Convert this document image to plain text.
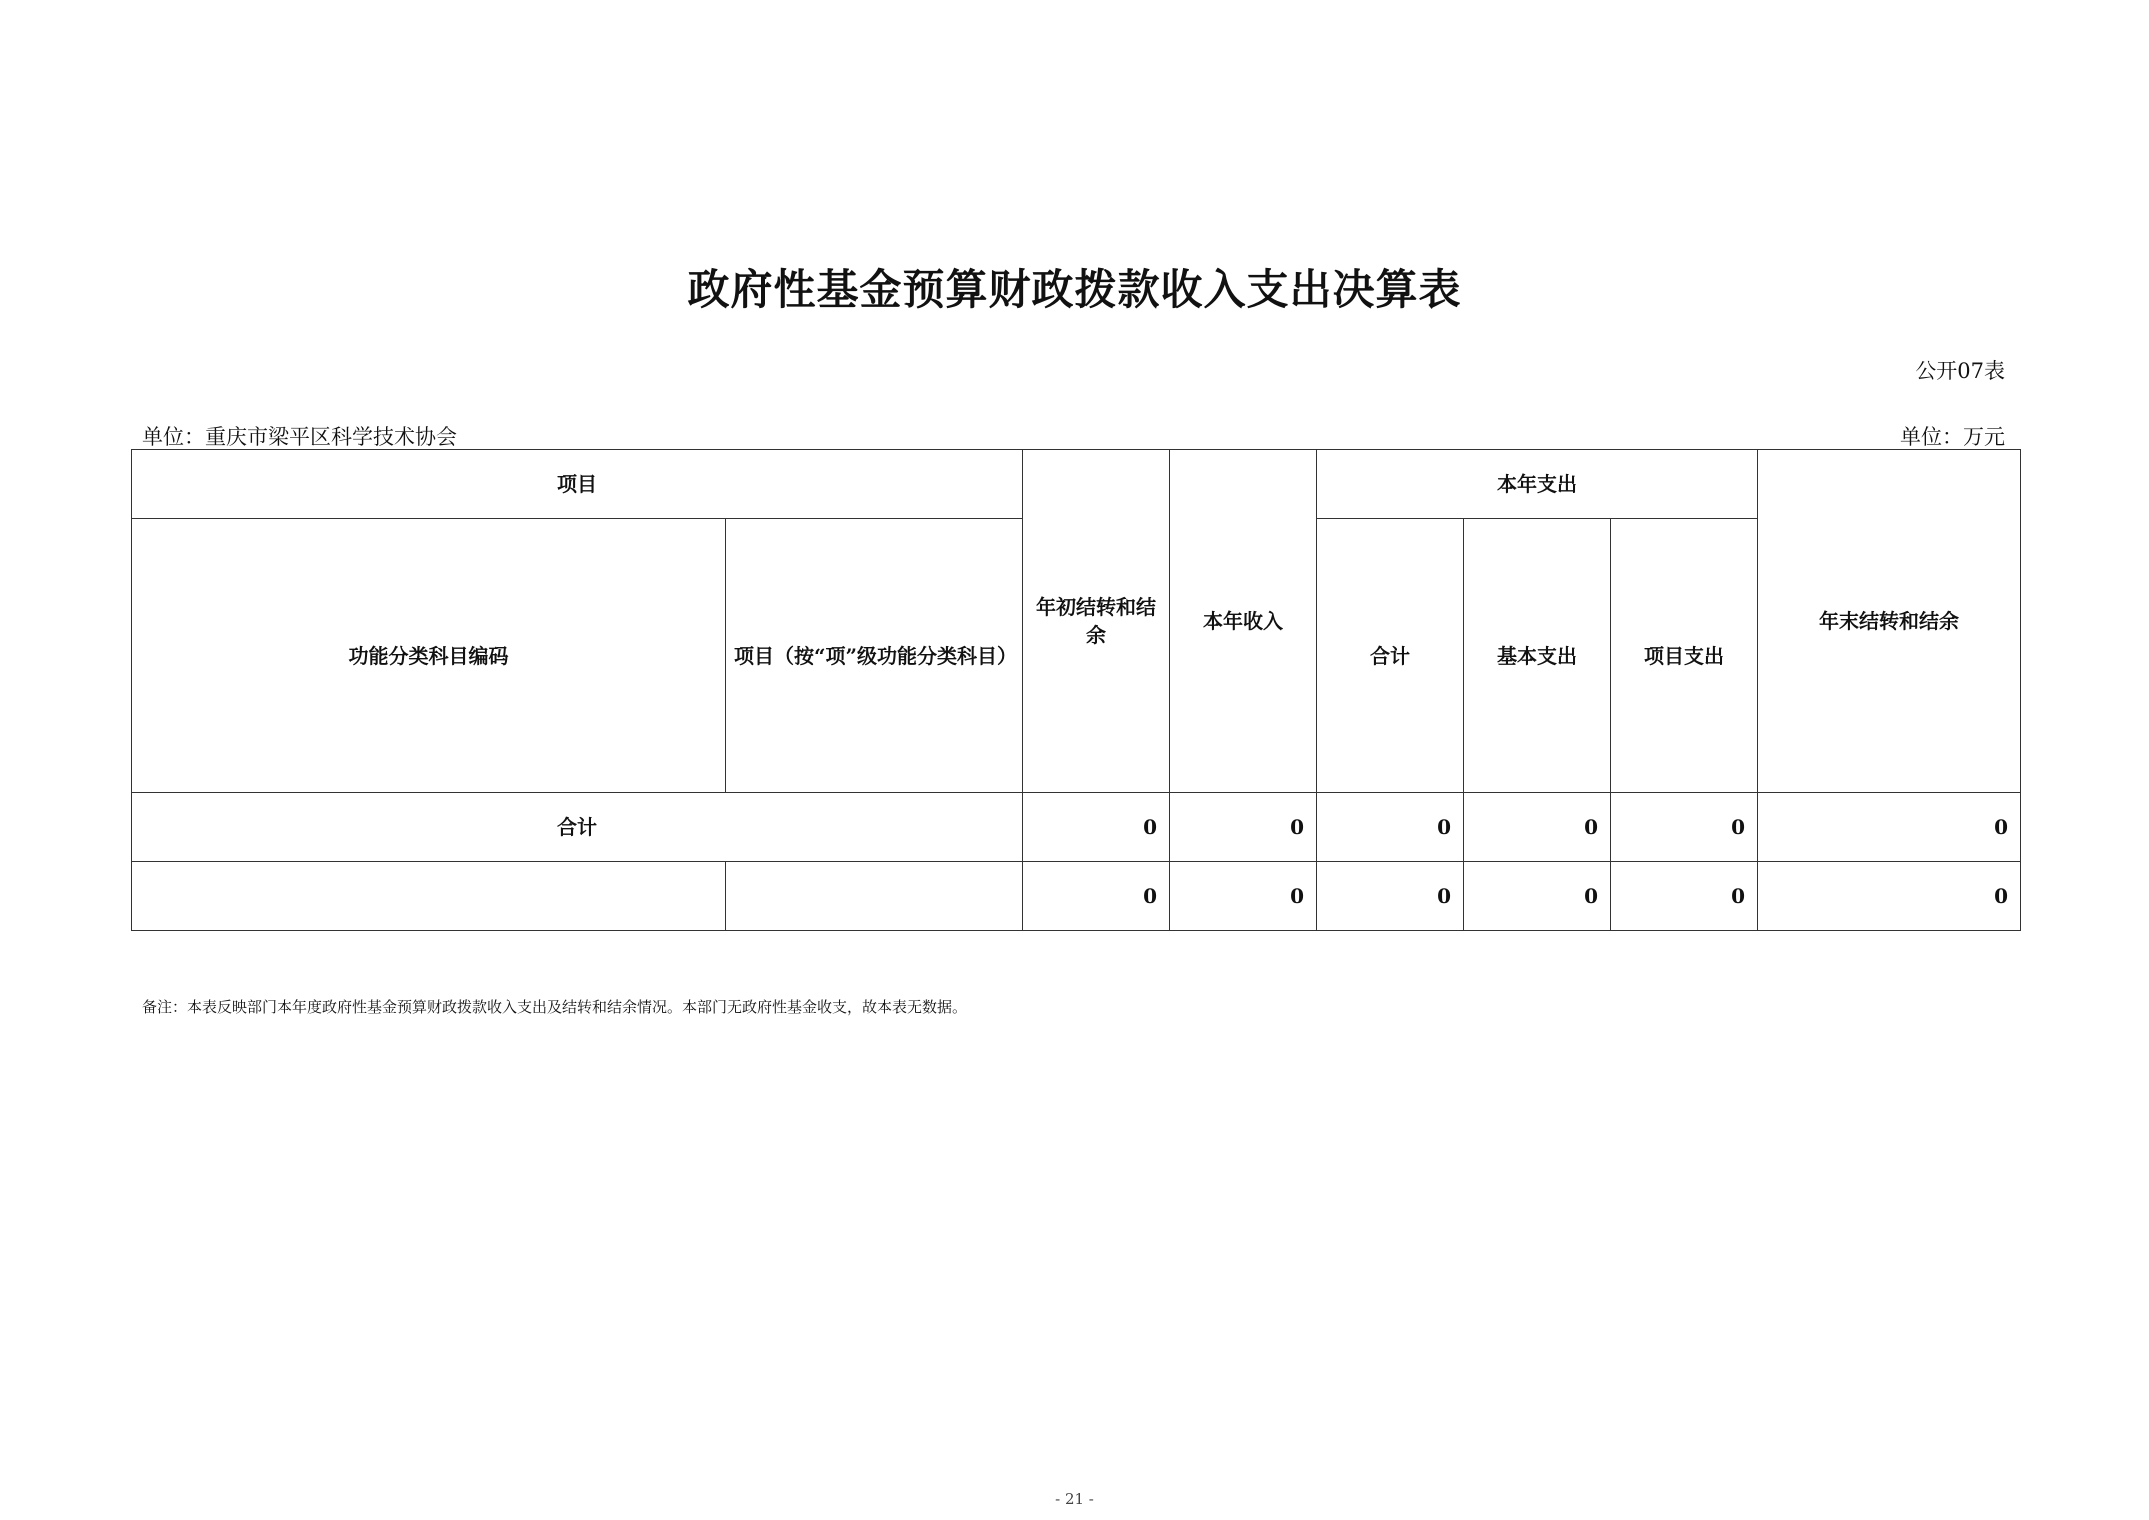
政府性基金预算财政拨款收入支出决算表
公开07表
单位：重庆市梁平区科学技术协会	单位：万元
项目		年初结转和结余	本年收入	本年支出			年末结转和结余
功能分类科目编码	项目（按“项”级功能分类科目）			合计	基本支出	项目支出	
合计		0	0	0	0	0	0
		0	0	0	0	0	0
备注：本表反映部门本年度政府性基金预算财政拨款收入支出及结转和结余情况。本部门无政府性基金收支，故本表无数据。
- 21 -
